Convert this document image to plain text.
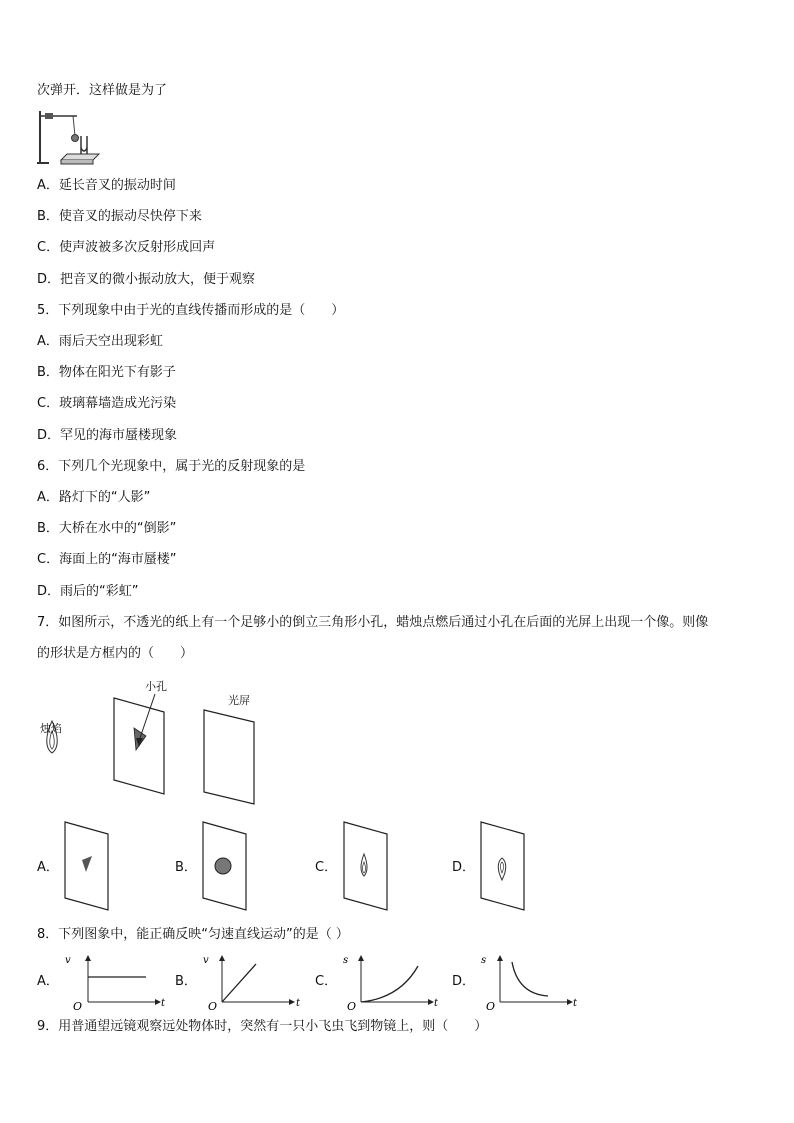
次弹开．这样做是为了
A．延长音叉的振动时间
B．使音叉的振动尽快停下来
C．使声波被多次反射形成回声
D．把音叉的微小振动放大，便于观察
5．下列现象中由于光的直线传播而形成的是（　　）
A．雨后天空出现彩虹
B．物体在阳光下有影子
C．玻璃幕墙造成光污染
D．罕见的海市蜃楼现象
6．下列几个光现象中，属于光的反射现象的是
A．路灯下的“人影”
B．大桥在水中的“倒影”
C．海面上的“海市蜃楼”
D．雨后的“彩虹”
7．如图所示，不透光的纸上有一个足够小的倒立三角形小孔，蜡烛点燃后通过小孔在后面的光屏上出现一个像。则像
的形状是方框内的（　　）
烛焰
小孔
光屏
A．	B．	C．	D．
8．下列图象中，能正确反映“匀速直线运动”的是（ ）
A．	B．	C．	D．
v
O	t
v
O	t
s
O	t
s
O	t
9．用普通望远镜观察远处物体时，突然有一只小飞虫飞到物镜上，则（　　）
